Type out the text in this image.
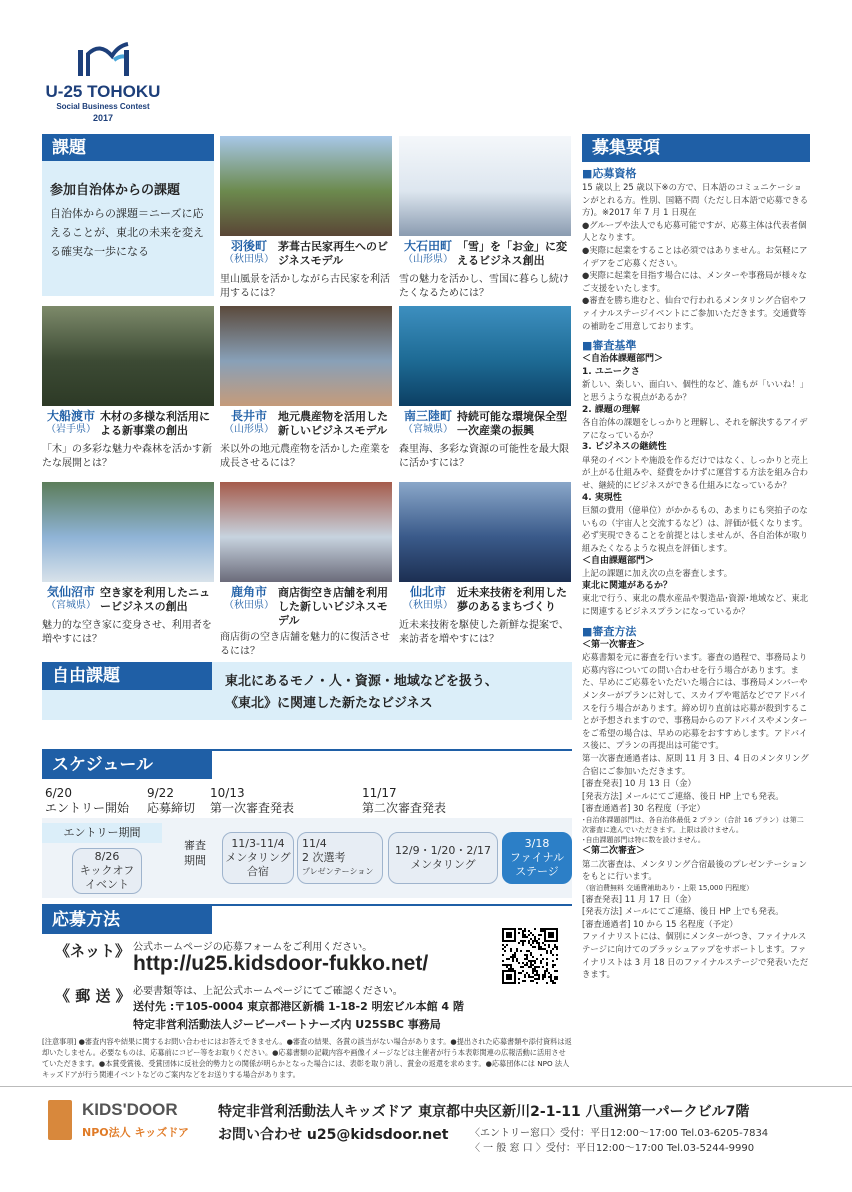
U-25 TOHOKU
Social Business Contest
2017
課題
参加自治体からの課題
自治体からの課題＝ニーズに応えることが、東北の未来を変える確実な一歩になる	羽後町
（秋田県）
茅葺古民家再生へのビジネスモデル
里山風景を活かしながら古民家を利活用するには？
大石田町
（山形県）
「雪」を「お金」に変えるビジネス創出
雪の魅力を活かし、雪国に暮らし続けたくなるためには？
大船渡市
（岩手県）
木材の多様な利活用による新事業の創出
「木」の多彩な魅力や森林を活かす新たな展開とは？
長井市
（山形県）
地元農産物を活用した新しいビジネスモデル
米以外の地元農産物を活かした産業を成長させるには？
南三陸町
（宮城県）
持続可能な環境保全型一次産業の振興
森里海、多彩な資源の可能性を最大限に活かすには？
気仙沼市
（宮城県）
空き家を利用したニュービジネスの創出
魅力的な空き家に変身させ、利用者を増やすには？
鹿角市
（秋田県）
商店街空き店舗を利用した新しいビジネスモデル
商店街の空き店舗を魅力的に復活させるには？
仙北市
（秋田県）
近未来技術を利用した夢のあるまちづくり
近未来技術を駆使した新鮮な提案で、来訪者を増やすには？
募集要項
■応募資格

15 歳以上 25 歳以下※の方で、日本語のコミュニケーションがとれる方。性別、国籍不問（ただし日本語で応募できる方)。※2017 年 7 月 1 日現在

●グループや法人でも応募可能ですが、応募主体は代表者個人となります。

●実際に起業をすることは必須ではありません。お気軽にアイデアをご応募ください。

●実際に起業を目指す場合には、メンターや事務局が様々なご支援をいたします。

●審査を勝ち進むと、仙台で行われるメンタリング合宿やファイナルステージイベントにご参加いただきます。交通費等の補助をご用意しております。

■審査基準

＜自治体課題部門＞

1. ユニークさ

新しい、楽しい、面白い、個性的など、誰もが「いいね！」と思うような視点があるか？

2. 課題の理解

各自治体の課題をしっかりと理解し、それを解決するアイデアになっているか？

3. ビジネスの継続性

単発のイベントや施設を作るだけではなく、しっかりと売上が上がる仕組みや、経費をかけずに運営する方法を組み合わせ、継続的にビジネスができる仕組みになっているか？

4. 実現性

巨額の費用（億単位）がかかるもの、あまりにも突拍子のないもの（宇宙人と交流するなど）は、評価が低くなります。必ず実現できることを前提とはしませんが、各自治体が取り組みたくなるような視点を評価します。

＜自由課題部門＞

上記の課題に加え次の点を審査します。

東北に関連があるか？

東北で行う、東北の農水産品や製造品･資源･地域など、東北に関連するビジネスプランになっているか？

■審査方法

＜第一次審査＞

応募書類を元に審査を行います。審査の過程で、事務局より応募内容についての問い合わせを行う場合があります。また、早めにご応募をいただいた場合には、事務局メンバーやメンターがプランに対して、スカイプや電話などでアドバイスを行う場合があります。締め切り直前は応募が殺到することが予想されますので、事務局からのアドバイスやメンターをご希望の場合は、早めの応募をおすすめします。アドバイス後に、プランの再提出は可能です。

第一次審査通過者は、原則 11 月 3 日、4 日のメンタリング合宿にご参加いただきます。

[審査発表] 10 月 13 日（金）

[発表方法] メールにてご連絡、後日 HP 上でも発表。

[審査通過者] 30 名程度（予定）

･自治体課題部門は、各自治体最低 2 プラン（合計 16 プラン）は第二次審査に進んでいただきます。上限は設けません。

･自由課題部門は特に数を設けません。

＜第二次審査＞

第二次審査は、メンタリング合宿最後のプレゼンテーションをもとに行います。

（宿泊費無料 交通費補助あり・上限 15,000 円程度）

[審査発表] 11 月 17 日（金）

[発表方法] メールにてご連絡、後日 HP 上でも発表。

[審査通過者] 10 から 15 名程度（予定）

ファイナリストには、個別にメンターがつき、ファイナルステージに向けてのブラッシュアップをサポートします。ファイナリストは 3 月 18 日のファイナルステージで発表いただきます。

自由課題	東北にあるモノ・人・資源・地域などを扱う、
《東北》に関連した新たなビジネス
スケジュール
6/20
エントリー開始
9/22
応募締切
10/13
第一次審査発表
11/17
第二次審査発表
エントリー期間
8/26
キックオフ
イベント
審査
期間
11/3-11/4
メンタリング
合宿
11/4
2 次選考
プレゼンテーション
12/9・1/20・2/17
メンタリング
3/18
ファイナル
ステージ
応募方法
《ネット》 公式ホームページの応募フォームをご利用ください。
http://u25.kidsdoor-fukko.net/
《 郵 送 》 必要書類等は、上記公式ホームページにてご確認ください。
送付先 :〒105-0004 東京都港区新橋 1-18-2 明宏ビル本館 4 階
特定非営利活動法人ジービーパートナーズ内 U25SBC 事務局
[注意事項] ●審査内容や結果に関するお問い合わせにはお答えできません。●審査の結果、各賞の該当がない場合があります。●提出された応募書類や添付資料は返却いたしません。必要なものは、応募前にコピー等をお取りください。●応募書類の記載内容や画像イメージなどは主催者が行う本表彰関連の広報活動に活用させていただきます。●本賞受賞後、受賞団体に反社会的勢力との関係が明らかとなった場合には、表彰を取り消し、賞金の返還を求めます。●応募団体には NPO 法人キッズドアが行う関連イベントなどのご案内などをお送りする場合があります。
KIDS'DOOR
NPO法人 キッズドア
特定非営利活動法人キッズドア 東京都中央区新川2-1-11 八重洲第一パークビル7階
お問い合わせ u25@kidsdoor.net 〈エントリー窓口〉受付：平日12:00〜17:00 Tel.03-6205-7834
〈 一 般 窓 口 〉受付：平日12:00〜17:00 Tel.03-5244-9990
